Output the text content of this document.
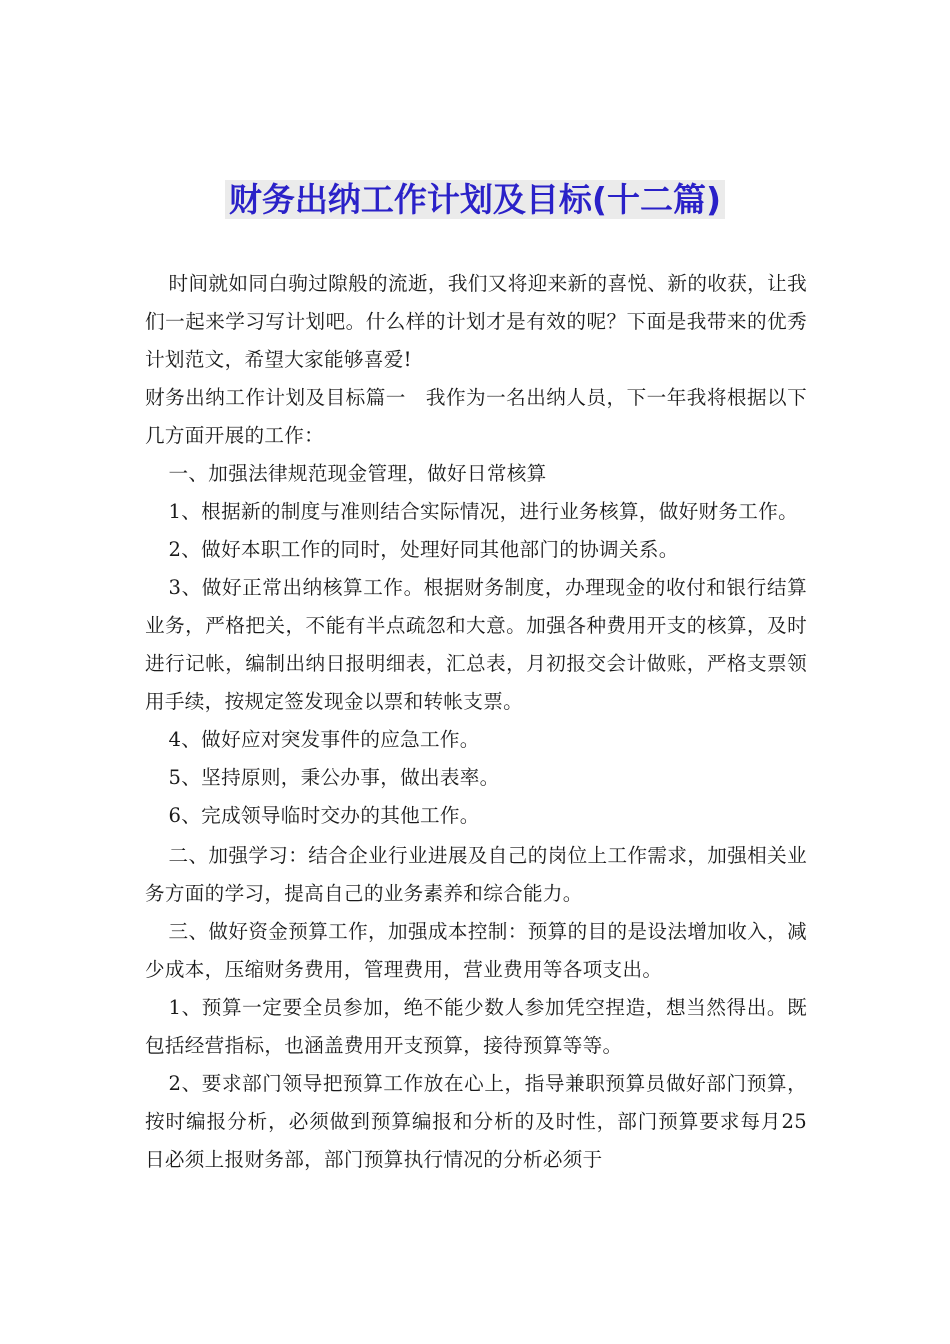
财务出纳工作计划及目标(十二篇)

时间就如同白驹过隙般的流逝，我们又将迎来新的喜悦、新的收获，让我们一起来学习写计划吧。什么样的计划才是有效的呢？下面是我带来的优秀计划范文，希望大家能够喜爱!

财务出纳工作计划及目标篇一　我作为一名出纳人员，下一年我将根据以下几方面开展的工作：

一、加强法律规范现金管理，做好日常核算

1、根据新的制度与准则结合实际情况，进行业务核算，做好财务工作。

2、做好本职工作的同时，处理好同其他部门的协调关系。

3、做好正常出纳核算工作。根据财务制度，办理现金的收付和银行结算业务，严格把关，不能有半点疏忽和大意。加强各种费用开支的核算，及时进行记帐，编制出纳日报明细表，汇总表，月初报交会计做账，严格支票领用手续，按规定签发现金以票和转帐支票。

4、做好应对突发事件的应急工作。

5、坚持原则，秉公办事，做出表率。

6、完成领导临时交办的其他工作。

二、加强学习：结合企业行业进展及自己的岗位上工作需求，加强相关业务方面的学习，提高自己的业务素养和综合能力。

三、做好资金预算工作，加强成本控制：预算的目的是设法增加收入，减少成本，压缩财务费用，管理费用，营业费用等各项支出。

1、预算一定要全员参加，绝不能少数人参加凭空捏造，想当然得出。既包括经营指标，也涵盖费用开支预算，接待预算等等。

2、要求部门领导把预算工作放在心上，指导兼职预算员做好部门预算，按时编报分析，必须做到预算编报和分析的及时性，部门预算要求每月25日必须上报财务部，部门预算执行情况的分析必须于
